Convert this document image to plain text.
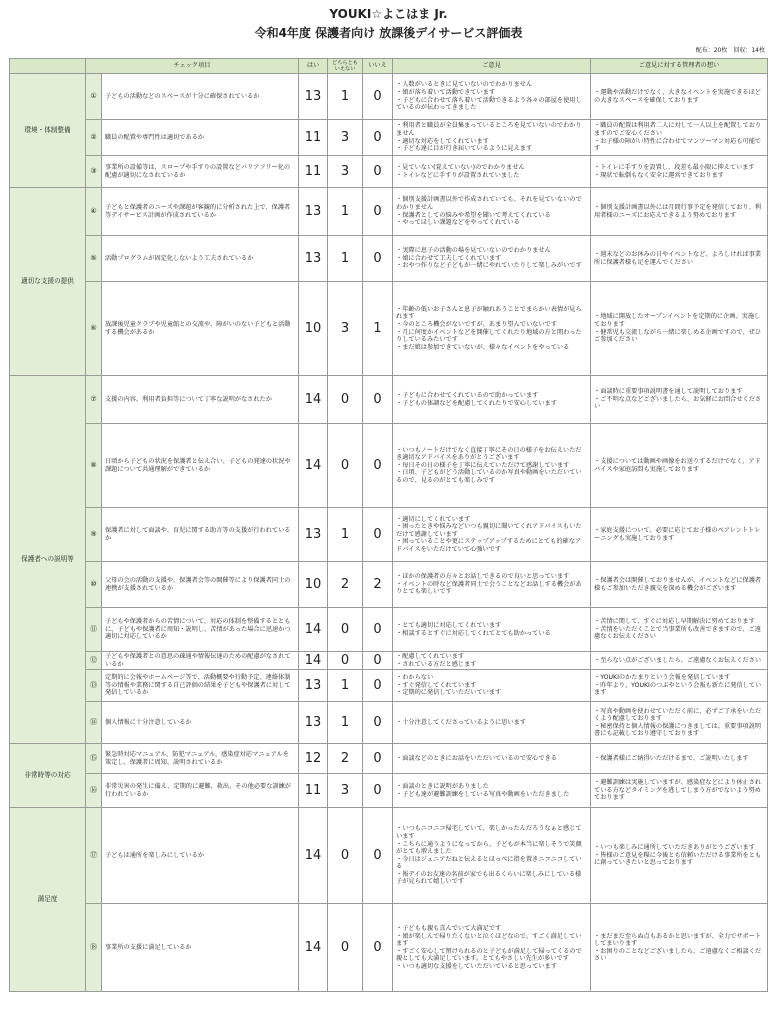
YOUKI☆よこはま Jr.
令和4年度 保護者向け 放課後デイサービス評価表
配布：20枚　回収：14枚
	チェック項目		はい	どちらとも いえない	いいえ	ご意見	ご意見に対する管理者の想い
環境・体制整備	①	子どもの活動などのスペースが十分に確保されているか	13	1	0	・人数がいるときに見ていないのでわかりません
・娘が落ち着いて活動できています
・子どもに合わせて落ち着いて活動できるよう各々の部屋を使用しているのが伝わってきました	・運動や活動だけでなく、大きなイベントを実施できるほどの大きなスペースを確保しております

	②	職員の配置や専門性は適切であるか	11	3	0	・利用者と職員が全員集まっているところを見ていないのでわかりません
・適切な対応をしてくれています
・子ども達に目が行き届いているように見えます	・職員の配置は利用者二人に対して一人以上を配置しておりますのでご安心ください
・お子様の障がい特性に合わせてマンツーマン対応も可能です

	③	事業所の設備等は、スロープや手すりの設置などバリアフリー化の配慮が適切になされているか	11	3	0	・見ていない(覚えていない)のでわかりません
・トイレなどに手すりが設置されていました	・トイレに手すりを設置し、段差も最小限に抑えています
・現状で転倒もなく安全に運営できております

適切な支援の提供	④	子どもと保護者のニーズや課題が客観的に分析された上で、保護者等デイサービス計画が作成されているか	13	1	0	・個別支援計画書以外で作成されていても、それを見ていないのでわかりません
・保護者としての悩みや希望を聞いて考えてくれている
・やってほしい課題などをやってくれている	・個別支援計画書以外には月間行事予定を発信しており、利用者様のニーズにお応えできるよう努めております

	⑤	活動プログラムが固定化しないよう工夫されているか	13	1	0	・実際に息子の活動の場を見ていないのでわかりません
・娘に合わせて工夫してくれています
・おやつ作りなど子どもが一緒にやれていたりして楽しみがいです	・週末などのお休みの日やイベントなど、よろしければ事業所に保護者様も足を運んでください

	⑥	放課後児童クラブや児童館との交流や、障がいのない子どもと活動する機会があるか	10	3	1	・年齢の低いお子さんと息子が触れあうことでまらかい表情が見られます
・今のところ機会がないですが、あまり望んでいないです
・月に何度かイベントなどを開催してくれたり地域の方と関わったりしているみたいです
・まだ娘は参加できていないが、様々なイベントをやっている	・地域に開放したオープンイベントを定期的に企画、実施しております
・健常児も交流しながら一緒に楽しめる企画ですので、ぜひご参加ください

保護者への説明等	⑦	支援の内容、利用者負担等について丁寧な説明がなされたか	14	0	0	・子どもに合わせてくれているので助かっています
・子どもの体調などを配慮してくれたりで安心しています	・面談時に重要事項説明書を通して説明しております
・ご不明な点などございましたら、お気軽にお問合せください

	⑧	日頃から子どもの状況を保護者と伝え合い、子どもの発達の状況や課題について共通理解ができているか	14	0	0	・いつもノートだけでなく直接丁寧にその日の様子をお伝えいただき適切なアドバイスをありがとうございます
・毎日その日の様子を丁寧に伝えていただけて感謝しています
・日頃、子どもがどう活動しているのか写真や動画をいただいているので、見るのがとても楽しみです	・支援については動画や画像をお送りするだけでなく、アドバイスや家庭訪問も実施しております

	⑨	保護者に対して面談や、育児に関する助言等の支援が行われているか	13	1	0	・適切にしてくれています
・困ったときや悩みなどいつも親切に聞いてくれアドバイスもいただけて感謝しています
・困っていることや更にステップアップするためにとても的確なアドバイスをいただけていて心強いです	・家庭支援について、必要に応じてお子様のペアレントトレーニングも実施しております

	⑩	父母の会の活動の支援や、保護者会等の開催等により保護者同士の連携が支援されているか	10	2	2	・ほかの保護者の方々とお話しできるので良いと思っています
・イベントの時など保護者同士で会うことなどお話しする機会がありとても楽しいです	・保護者会は開催しておりませんが、イベントなどに保護者様もご参加いただき親交を深める機会がございます

	⑪	子どもや保護者からの苦情について、対応の体制を整備するとともに、子どもや保護者に周知・説明し、苦情があった場合に迅速かつ適切に対応しているか	14	0	0	・とても適切に対応してくれています
・相談するとすぐに対応してくれてとても助かっている	・苦情に関して、すぐに対応し早期解決に努めております
・苦情をいただくことで当事業所も改善できますので、ご遠慮なくお伝えください

	⑫	子どもや保護者との意思の疎通や情報伝達のための配慮がなされているか	14	0	0	・配慮してくれています
・されている方だと感じます	・至らない点がございましたら、ご遠慮なくお伝えください

	⑬	定期的に会報やホームページ等で、活動概要や行動予定、連絡体制等の情報や業務に関する自己評価の結果を子どもや保護者に対して発信しているか	13	1	0	・わからない
・すぐ発信してくれています
・定期的に発信していただいています	・YOUKIのかたまりという会報を発信しています
・昨年より、YOUKIのつぶやという会報も新たに発信しています

	⑭	個人情報に十分注意しているか	13	1	0	・十分注意してくださっているように思います	・写真や動画を使わせていただく前に、必ずご了承をいただくよう配慮しております
・秘密保持と個人情報の保護につきましては、重要事項説明書にも記載しており遵守しております

非常時等の対応	⑮	緊急時対応マニュアル、防犯マニュアル、感染症対応マニュアルを策定し、保護者に周知、説明されているか	12	2	0	・面談などのときにお話をいただいているので安心できる	・保護者様にご納得いただけるまで、ご説明いたします

	⑯	非常災害の発生に備え、定期的に避難、救出、その他必要な訓練が行われているか	11	3	0	・面談のときに説明がありました
・子ども達が避難訓練をしている写真や動画をいただきました	・避難訓練は実施していますが、感染症などにより休止されている方などタイミングを逃してしまう方がでないよう努めております

満足度	⑰	子どもは通所を楽しみにしているか	14	0	0	・いつもニコニコ帰宅していて、楽しかったんだろうなぁと感じています
・こちらに通うようになってから、子どもが本当に楽しそうで笑顔がとても増えました
・今日はジュニアだねと伝えるとほっぺに指を置きニコニコしている
・報デイのお友達の名前が家でも出るくらいに楽しみにしている様子が見られて嬉しいです	・いつも楽しみに通所していただきありがとうございます
・皆様のご意見を糧に今後とも信頼いただける事業所をともに創っていきたいと思っております

	⑱	事業所の支援に満足しているか	14	0	0	・子どもも親も喜んでいて大満足です
・娘が楽しんで帰りたくないと泣くほどなので、すごく満足しています
・すごく安心して預けられるのと子どもが満足して帰ってくるので親としても大満足しています。とてもやさしい先生が多いです
・いつも適切な支援をしていただいていると思っています	・まだまだ至らぬ点もあるかと思いますが、全力でサポートしてまいります
・お困りのことなどございましたら、ご遠慮なくご相談ください
